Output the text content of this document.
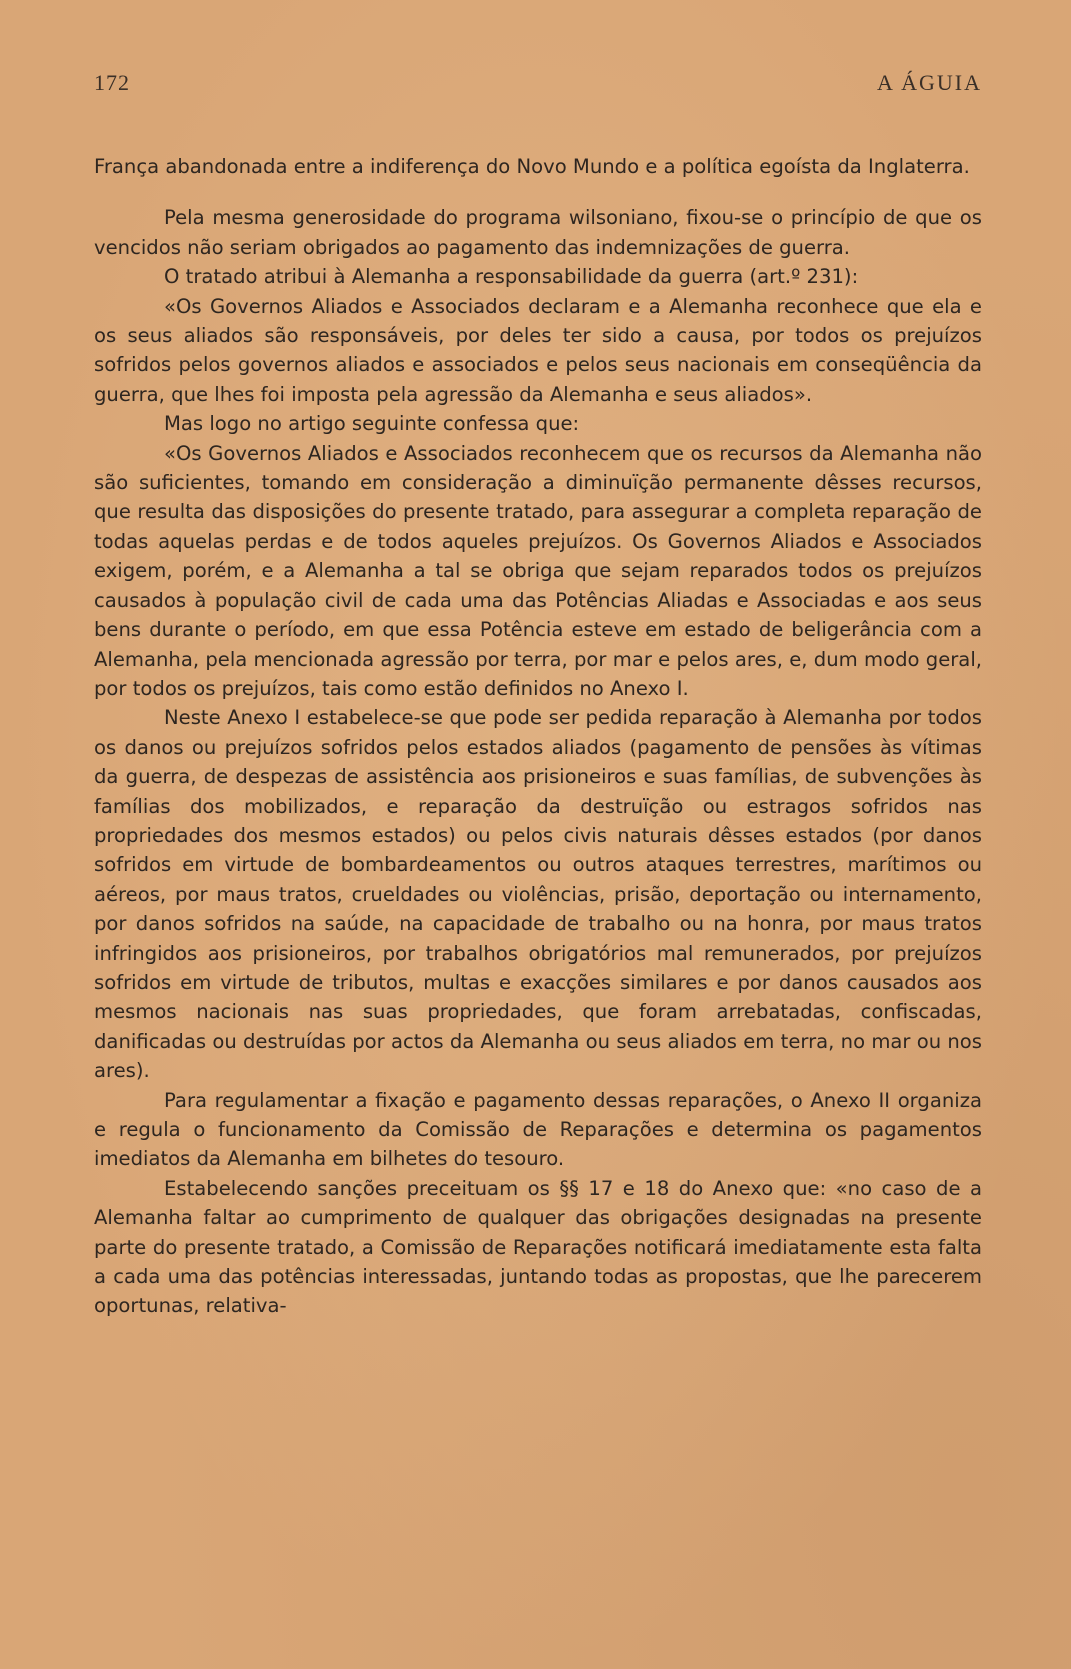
172	A ÁGUIA

França abandonada entre a indiferença do Novo Mundo e a política egoísta da Inglaterra.

Pela mesma generosidade do programa wilsoniano, fixou-se o princípio de que os vencidos não seriam obrigados ao pagamento das indemnizações de guerra.

O tratado atribui à Alemanha a responsabilidade da guerra (art.º 231):

«Os Governos Aliados e Associados declaram e a Alemanha reconhece que ela e os seus aliados são responsáveis, por deles ter sido a causa, por todos os prejuízos sofridos pelos governos aliados e associados e pelos seus nacionais em conseqüência da guerra, que lhes foi imposta pela agressão da Alemanha e seus aliados».

Mas logo no artigo seguinte confessa que:

«Os Governos Aliados e Associados reconhecem que os recursos da Alemanha não são suficientes, tomando em consideração a diminuïção permanente dêsses recursos, que resulta das disposições do presente tratado, para assegurar a completa reparação de todas aquelas perdas e de todos aqueles prejuízos. Os Governos Aliados e Associados exigem, porém, e a Alemanha a tal se obriga que sejam reparados todos os prejuízos causados à população civil de cada uma das Potências Aliadas e Associadas e aos seus bens durante o período, em que essa Potência esteve em estado de beligerância com a Alemanha, pela mencionada agressão por terra, por mar e pelos ares, e, dum modo geral, por todos os prejuízos, tais como estão definidos no Anexo I.

Neste Anexo I estabelece-se que pode ser pedida reparação à Alemanha por todos os danos ou prejuízos sofridos pelos estados aliados (pagamento de pensões às vítimas da guerra, de despezas de assistência aos prisioneiros e suas famílias, de subvenções às famílias dos mobilizados, e reparação da destruïção ou estragos sofridos nas propriedades dos mesmos estados) ou pelos civis naturais dêsses estados (por danos sofridos em virtude de bombardeamentos ou outros ataques terrestres, marítimos ou aéreos, por maus tratos, crueldades ou violências, prisão, deportação ou internamento, por danos sofridos na saúde, na capacidade de trabalho ou na honra, por maus tratos infringidos aos prisioneiros, por trabalhos obrigatórios mal remunerados, por prejuízos sofridos em virtude de tributos, multas e exacções similares e por danos causados aos mesmos nacionais nas suas propriedades, que foram arrebatadas, confiscadas, danificadas ou destruídas por actos da Alemanha ou seus aliados em terra, no mar ou nos ares).

Para regulamentar a fixação e pagamento dessas reparações, o Anexo II organiza e regula o funcionamento da Comissão de Reparações e determina os pagamentos imediatos da Alemanha em bilhetes do tesouro.

Estabelecendo sanções preceituam os §§ 17 e 18 do Anexo que: «no caso de a Alemanha faltar ao cumprimento de qualquer das obrigações designadas na presente parte do presente tratado, a Comissão de Reparações notificará imediatamente esta falta a cada uma das potências interessadas, juntando todas as propostas, que lhe parecerem oportunas, relativa-
